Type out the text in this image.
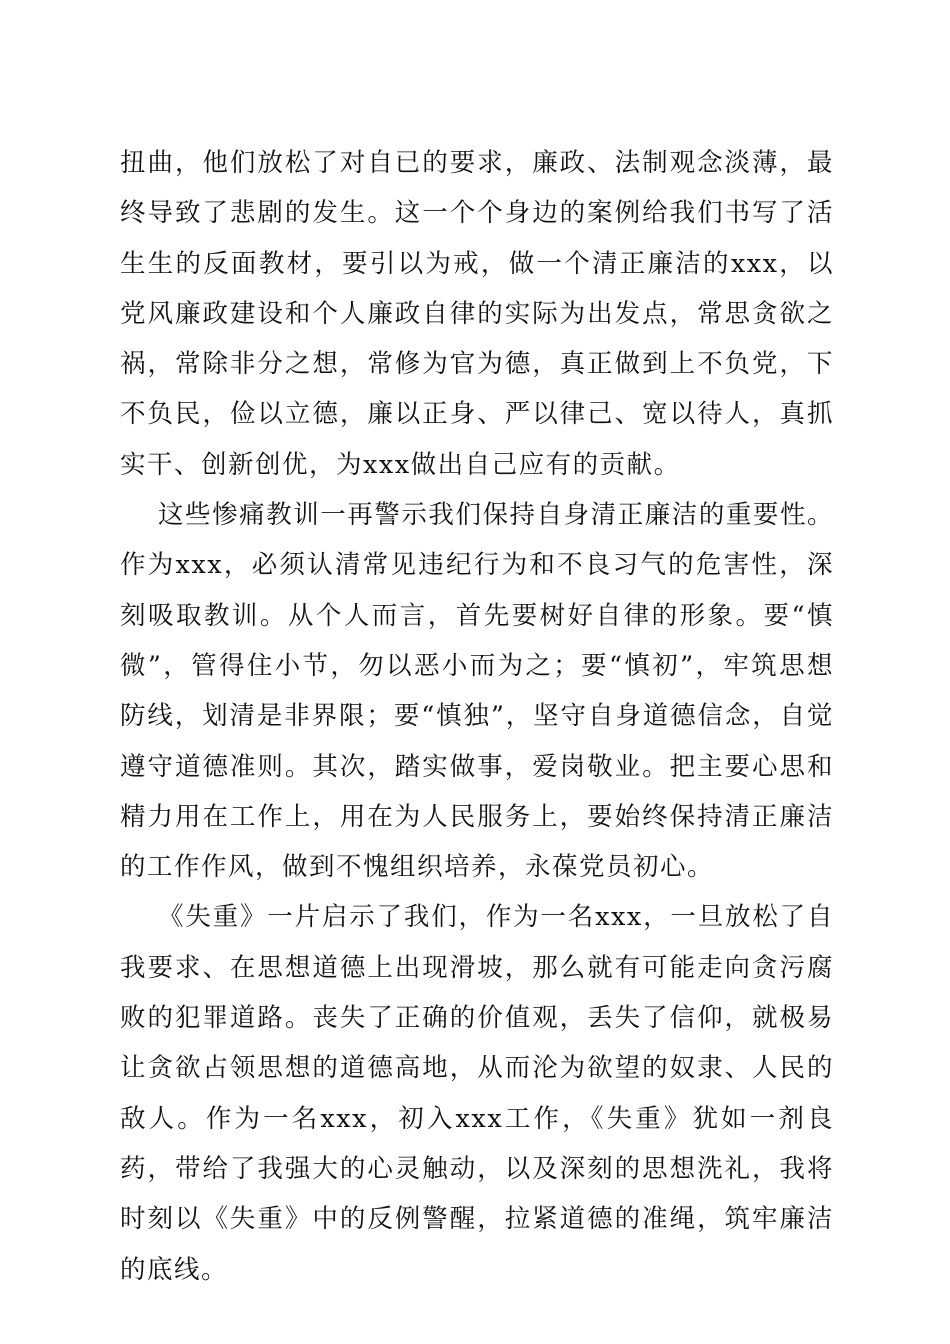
扭曲，他们放松了对自已的要求，廉政、法制观念淡薄，最终导致了悲剧的发生。这一个个身边的案例给我们书写了活生生的反面教材，要引以为戒，做一个清正廉洁的xxx，以党风廉政建设和个人廉政自律的实际为出发点，常思贪欲之祸，常除非分之想，常修为官为德，真正做到上不负党，下不负民，俭以立德，廉以正身、严以律己、宽以待人，真抓实干、创新创优，为xxx做出自己应有的贡献。

这些惨痛教训一再警示我们保持自身清正廉洁的重要性。作为xxx，必须认清常见违纪行为和不良习气的危害性，深刻吸取教训。从个人而言，首先要树好自律的形象。要“慎微”，管得住小节，勿以恶小而为之；要“慎初”，牢筑思想防线，划清是非界限；要“慎独”，坚守自身道德信念，自觉遵守道德准则。其次，踏实做事，爱岗敬业。把主要心思和精力用在工作上，用在为人民服务上，要始终保持清正廉洁的工作作风，做到不愧组织培养，永葆党员初心。

《失重》一片启示了我们，作为一名xxx，一旦放松了自我要求、在思想道德上出现滑坡，那么就有可能走向贪污腐败的犯罪道路。丧失了正确的价值观，丢失了信仰，就极易让贪欲占领思想的道德高地，从而沦为欲望的奴隶、人民的敌人。作为一名xxx，初入xxx工作，《失重》犹如一剂良药，带给了我强大的心灵触动，以及深刻的思想洗礼，我将时刻以《失重》中的反例警醒，拉紧道德的准绳，筑牢廉洁的底线。
